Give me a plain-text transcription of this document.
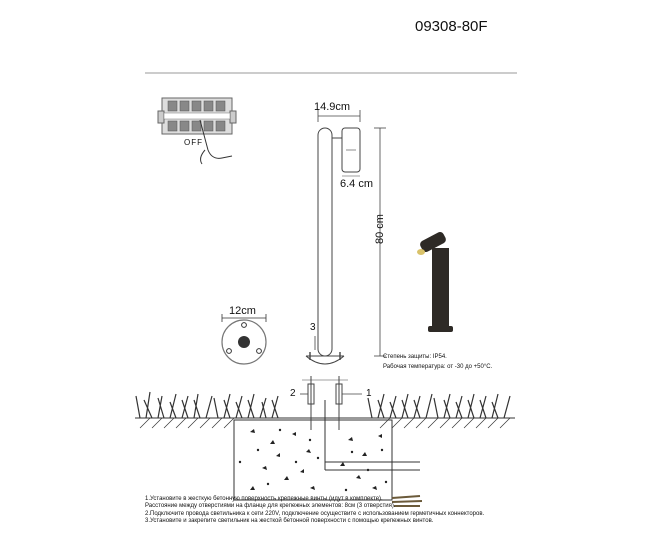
09308-80F
OFF
14.9cm
6.4 cm
80 cm
12cm
3
2	1
Степень защиты: IP54.
Рабочая температура: от -30 до +50°С.
1.Установите в жесткую бетонную поверхность крепежные винты (идут в комплекте).
Расстояние между отверстиями на фланце для крепежных элементов: 8см (3 отверстия).
2.Подключите провода светильника к сети 220V, подключение осуществите с использованием герметичных коннекторов.
3.Установите и закрепите светильник на жесткой бетонной поверхности с помощью крепежных винтов.
